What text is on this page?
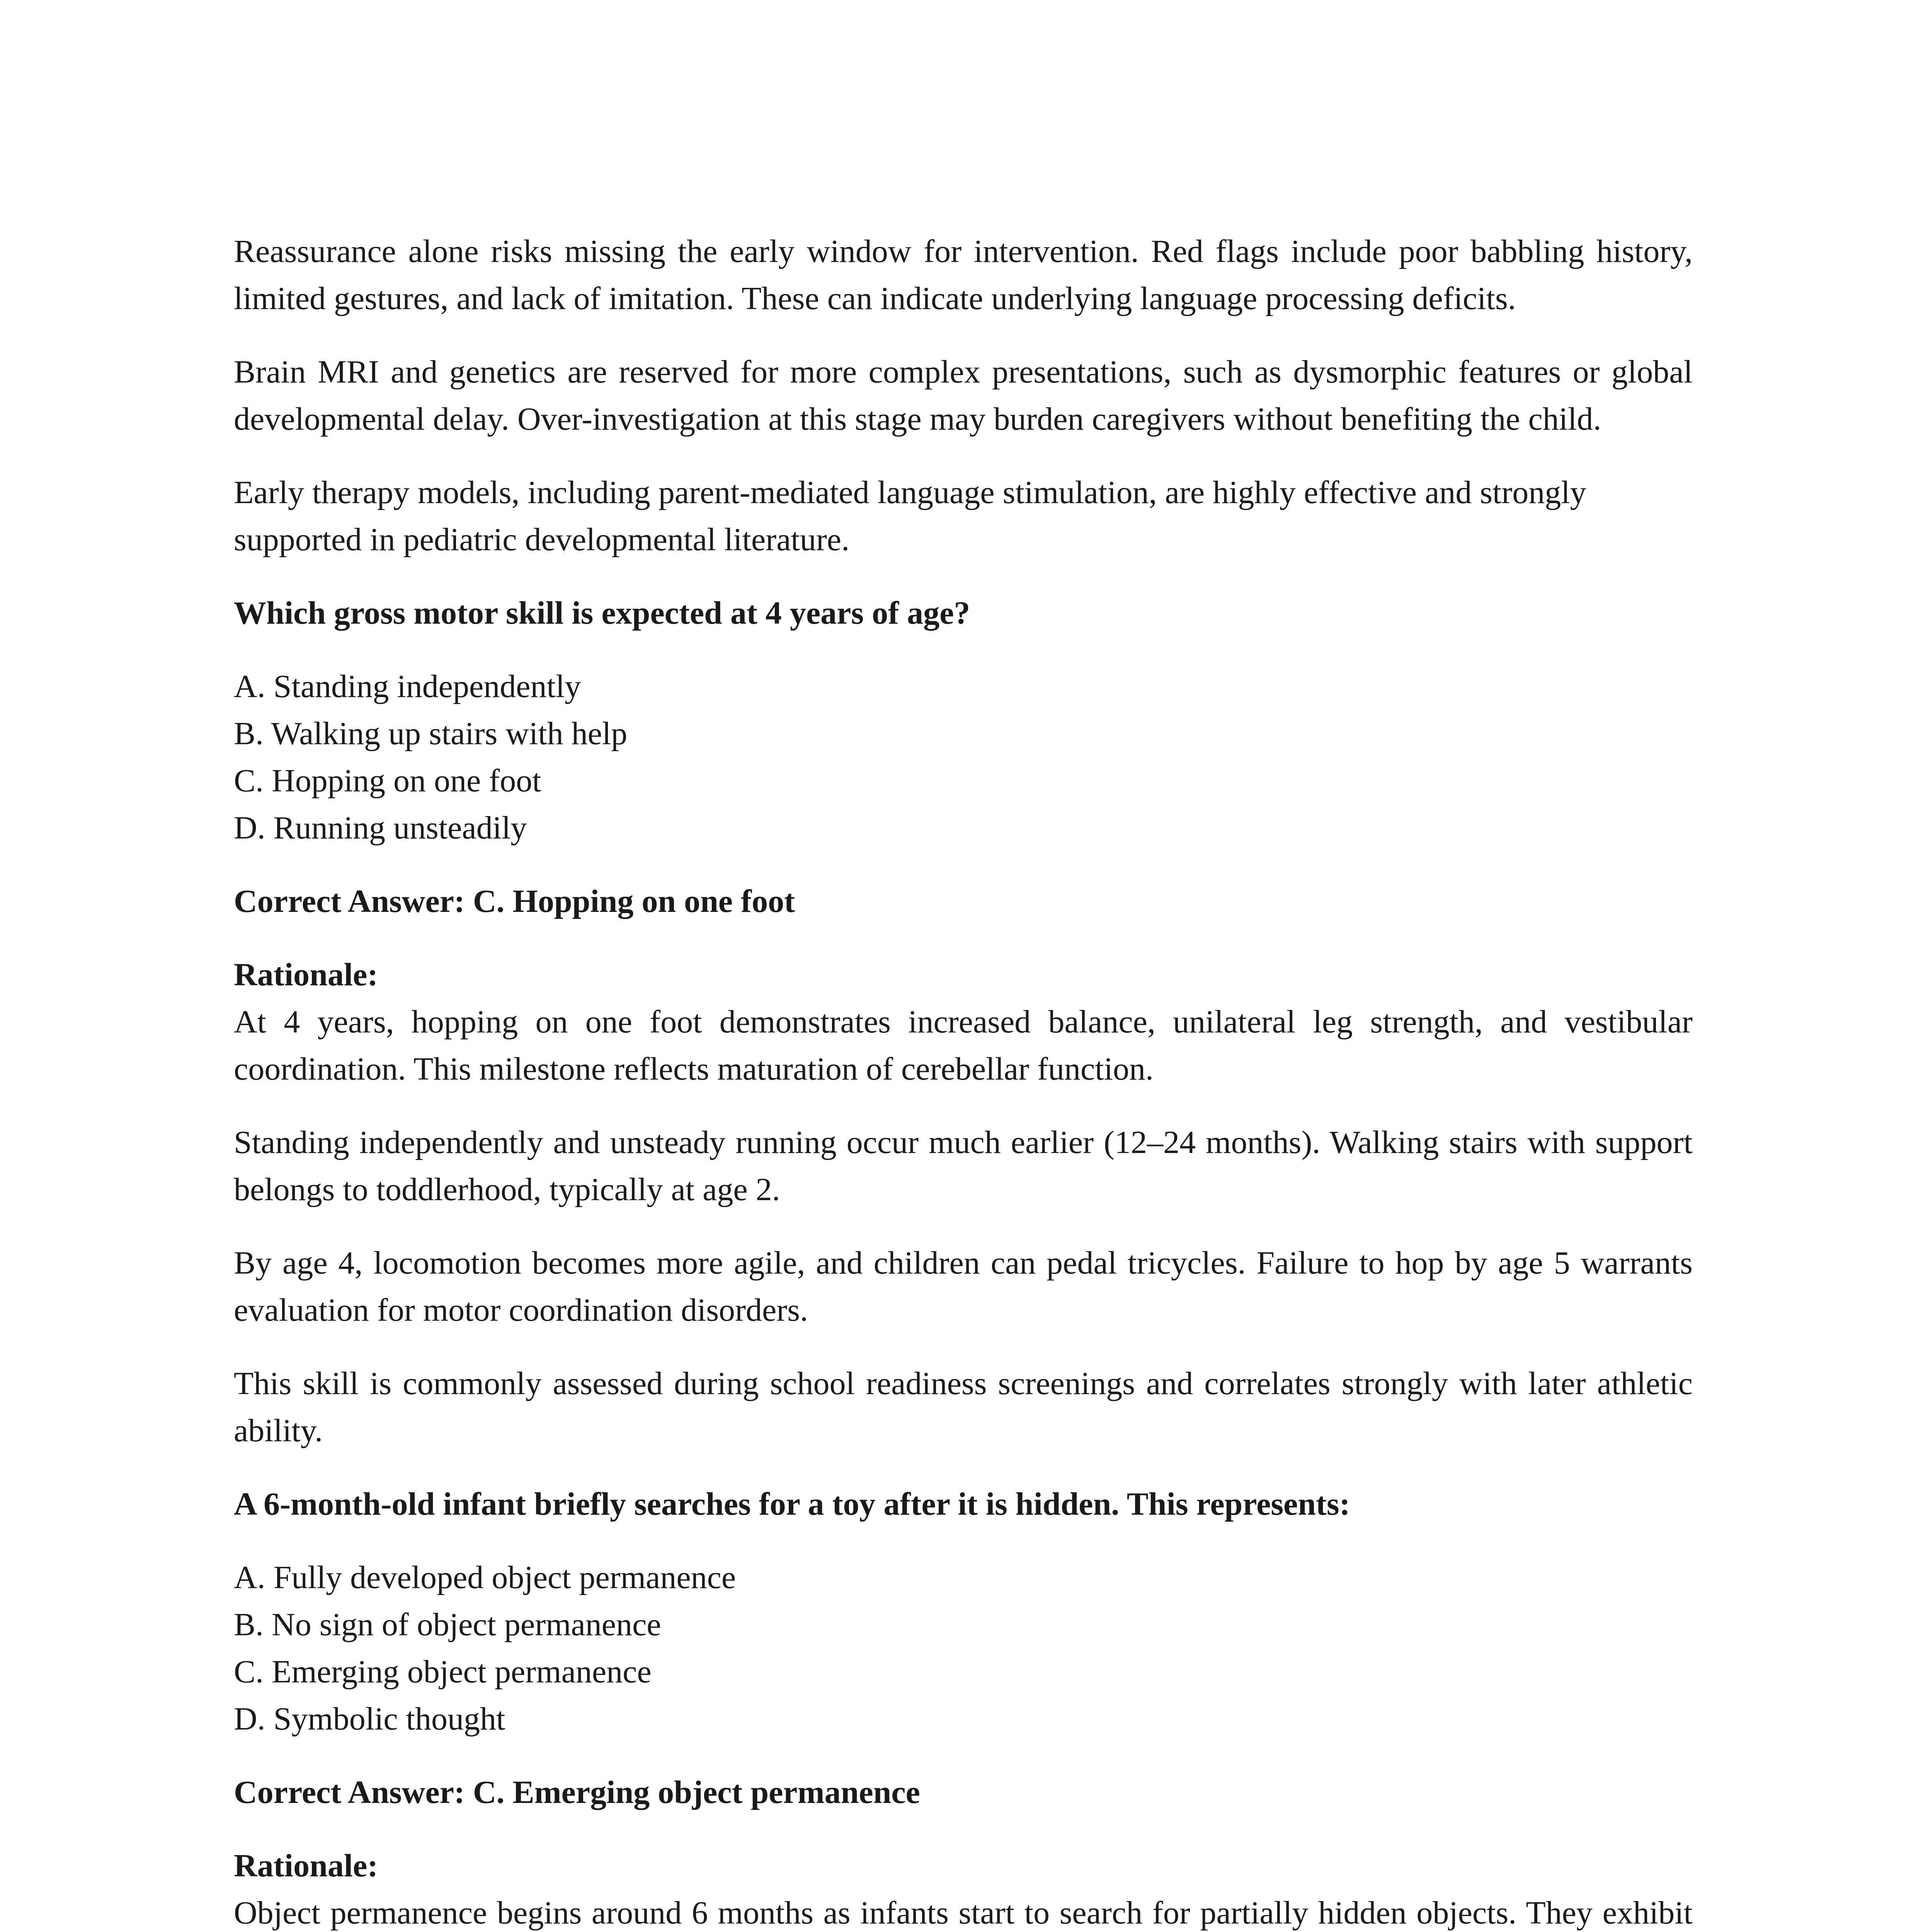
Reassurance alone risks missing the early window for intervention. Red flags include poor babbling history, limited gestures, and lack of imitation. These can indicate underlying language processing deficits.

Brain MRI and genetics are reserved for more complex presentations, such as dysmorphic features or global developmental delay. Over-investigation at this stage may burden caregivers without benefiting the child.

Early therapy models, including parent-mediated language stimulation, are highly effective and strongly supported in pediatric developmental literature.

Which gross motor skill is expected at 4 years of age?

A. Standing independently
B. Walking up stairs with help
C. Hopping on one foot
D. Running unsteadily

Correct Answer: C. Hopping on one foot

Rationale:
At 4 years, hopping on one foot demonstrates increased balance, unilateral leg strength, and vestibular coordination. This milestone reflects maturation of cerebellar function.

Standing independently and unsteady running occur much earlier (12–24 months). Walking stairs with support belongs to toddlerhood, typically at age 2.

By age 4, locomotion becomes more agile, and children can pedal tricycles. Failure to hop by age 5 warrants evaluation for motor coordination disorders.

This skill is commonly assessed during school readiness screenings and correlates strongly with later athletic ability.

A 6-month-old infant briefly searches for a toy after it is hidden. This represents:

A. Fully developed object permanence
B. No sign of object permanence
C. Emerging object permanence
D. Symbolic thought

Correct Answer: C. Emerging object permanence

Rationale:
Object permanence begins around 6 months as infants start to search for partially hidden objects. They exhibit
